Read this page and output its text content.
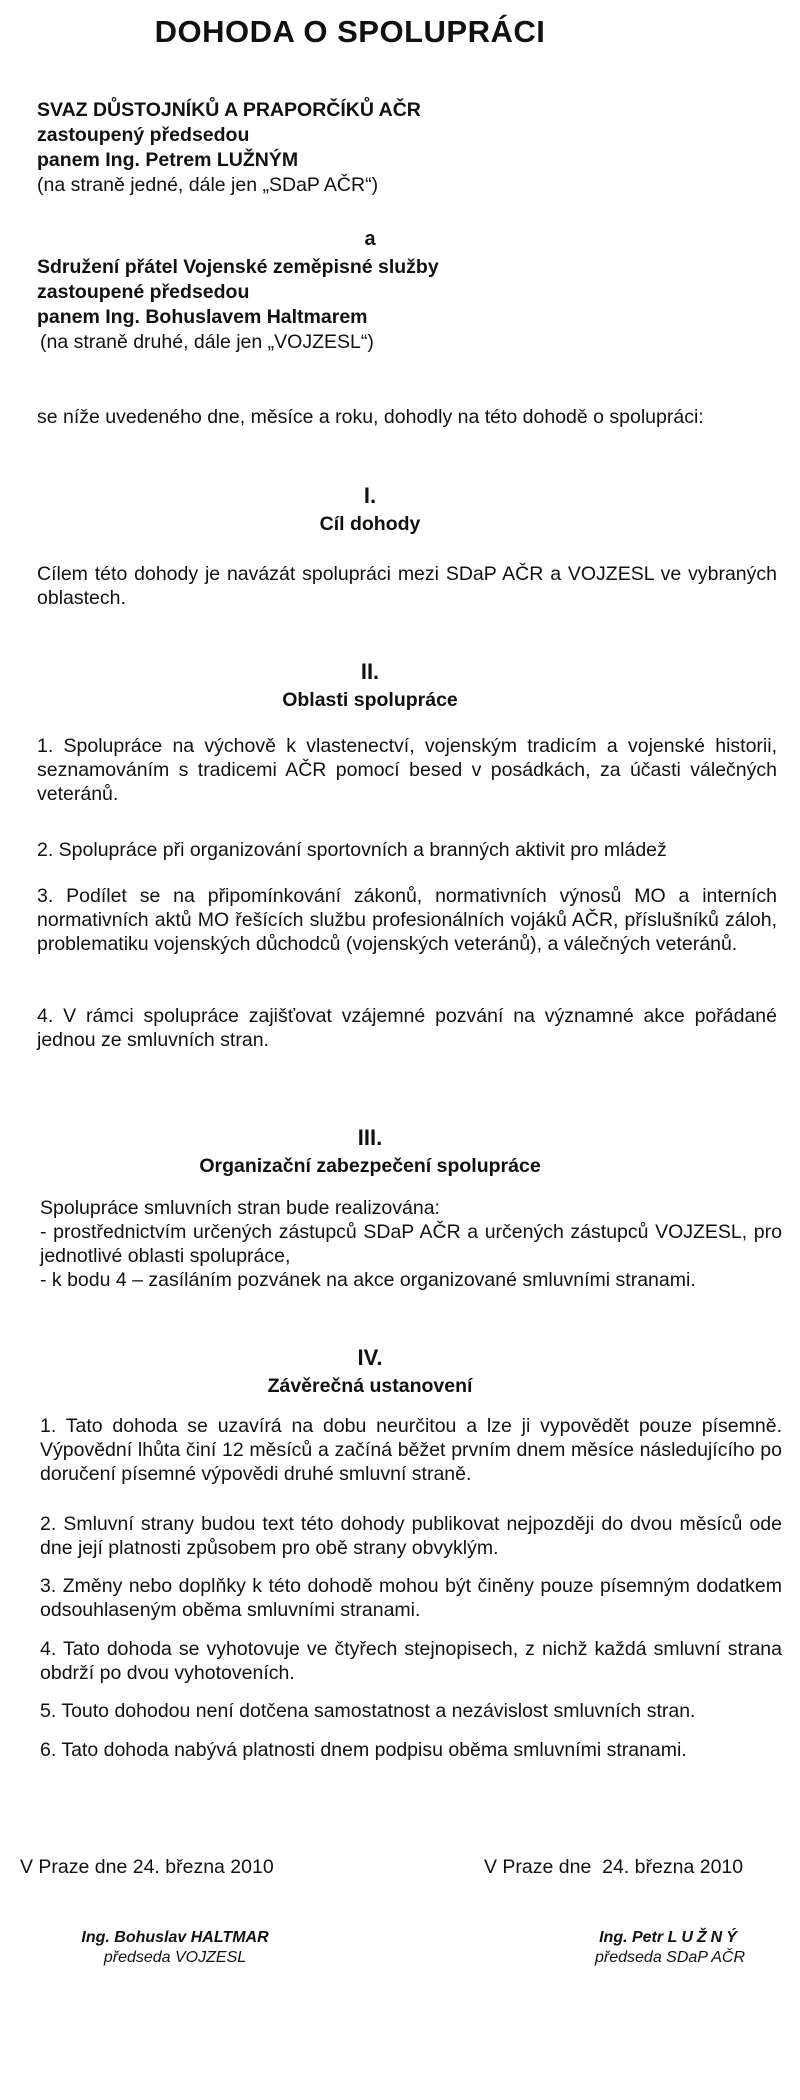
DOHODA O SPOLUPRÁCI
SVAZ DŮSTOJNÍKŮ A PRAPORČÍKŮ AČR
zastoupený předsedou
panem Ing. Petrem LUŽNÝM
(na straně jedné, dále jen „SDaP AČR“)
a
Sdružení přátel Vojenské zeměpisné služby
zastoupené předsedou
panem Ing. Bohuslavem Haltmarem
(na straně druhé, dále jen „VOJZESL“)
se níže uvedeného dne, měsíce a roku, dohodly na této dohodě o spolupráci:
I.
Cíl dohody
Cílem této dohody je navázát spolupráci mezi SDaP AČR a VOJZESL ve vybraných oblastech.
II.
Oblasti spolupráce
1. Spolupráce na výchově k vlastenectví, vojenským tradicím a vojenské historii, seznamováním s tradicemi AČR pomocí besed v posádkách, za účasti válečných veteránů.
2. Spolupráce při organizování sportovních a branných aktivit pro mládež
3. Podílet se na připomínkování zákonů, normativních výnosů MO a interních normativních aktů MO řešících službu profesionálních vojáků AČR, příslušníků záloh, problematiku vojenských důchodců (vojenských veteránů), a válečných veteránů.
4. V rámci spolupráce zajišťovat vzájemné pozvání na významné akce pořádané jednou ze smluvních stran.
III.
Organizační zabezpečení spolupráce
Spolupráce smluvních stran bude realizována:
- prostřednictvím určených zástupců SDaP AČR a určených zástupců VOJZESL, pro jednotlivé oblasti spolupráce,
- k bodu 4 – zasíláním pozvánek na akce organizované smluvními stranami.
IV.
Závěrečná ustanovení
1. Tato dohoda se uzavírá na dobu neurčitou a lze ji vypovědět pouze písemně. Výpovědní lhůta činí 12 měsíců a začíná běžet prvním dnem měsíce následujícího po doručení písemné výpovědi druhé smluvní straně.
2. Smluvní strany budou text této dohody publikovat nejpozději do dvou měsíců ode dne její platnosti způsobem pro obě strany obvyklým.
3. Změny nebo doplňky k této dohodě mohou být činěny pouze písemným dodatkem odsouhlaseným oběma smluvními stranami.
4. Tato dohoda se vyhotovuje ve čtyřech stejnopisech, z nichž každá smluvní strana obdrží po dvou vyhotoveních.
5. Touto dohodou není dotčena samostatnost a nezávislost smluvních stran.
6. Tato dohoda nabývá platnosti dnem podpisu oběma smluvními stranami.
V Praze dne 24. března 2010	V Praze dne  24. března 2010
Ing. Bohuslav HALTMAR
předseda VOJZESL
Ing. Petr LUŽNÝ
předseda SDaP AČR
